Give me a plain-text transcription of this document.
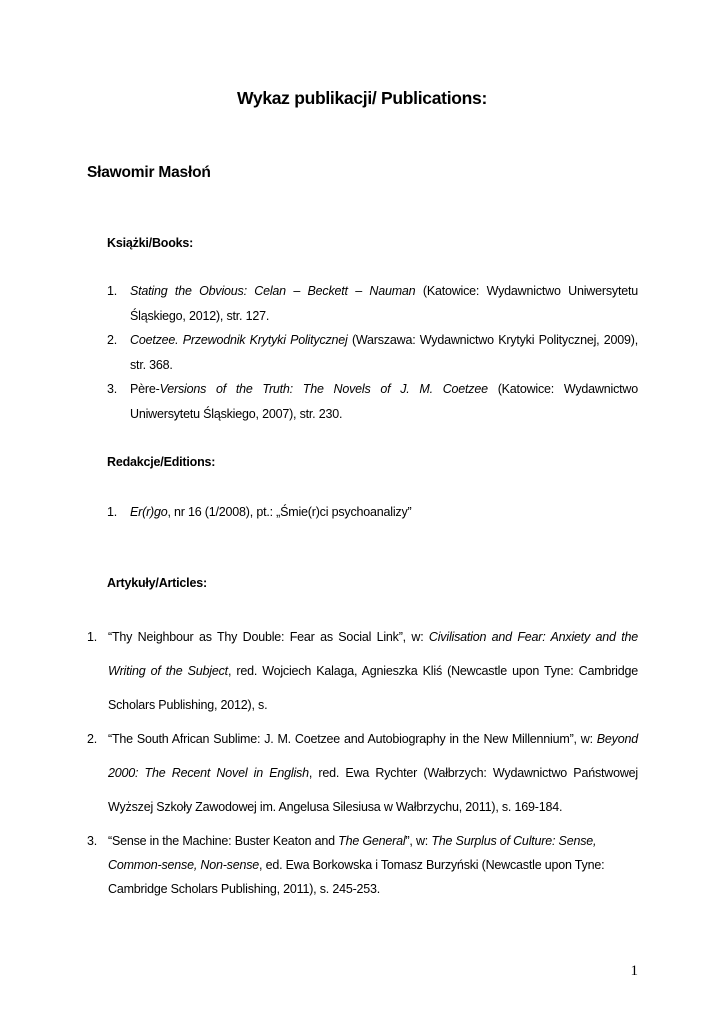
Wykaz publikacji/ Publications:
Sławomir Masłoń
Książki/Books:
1. Stating the Obvious: Celan – Beckett – Nauman (Katowice: Wydawnictwo Uniwersytetu Śląskiego, 2012), str. 127.
2. Coetzee. Przewodnik Krytyki Politycznej (Warszawa: Wydawnictwo Krytyki Politycznej, 2009), str. 368.
3. Père-Versions of the Truth: The Novels of J. M. Coetzee (Katowice: Wydawnictwo Uniwersytetu Śląskiego, 2007), str. 230.
Redakcje/Editions:
1. Er(r)go, nr 16 (1/2008), pt.: „Śmie(r)ci psychoanalizy”
Artykuły/Articles:
1. “Thy Neighbour as Thy Double: Fear as Social Link”, w: Civilisation and Fear: Anxiety and the Writing of the Subject, red. Wojciech Kalaga, Agnieszka Kliś (Newcastle upon Tyne: Cambridge Scholars Publishing, 2012), s.
2. “The South African Sublime: J. M. Coetzee and Autobiography in the New Millennium”, w: Beyond 2000: The Recent Novel in English, red. Ewa Rychter (Wałbrzych: Wydawnictwo Państwowej Wyższej Szkoły Zawodowej im. Angelusa Silesiusa w Wałbrzychu, 2011), s. 169-184.
3. “Sense in the Machine: Buster Keaton and The General”, w: The Surplus of Culture: Sense, Common-sense, Non-sense, ed. Ewa Borkowska i Tomasz Burzyński (Newcastle upon Tyne: Cambridge Scholars Publishing, 2011), s. 245-253.
1
